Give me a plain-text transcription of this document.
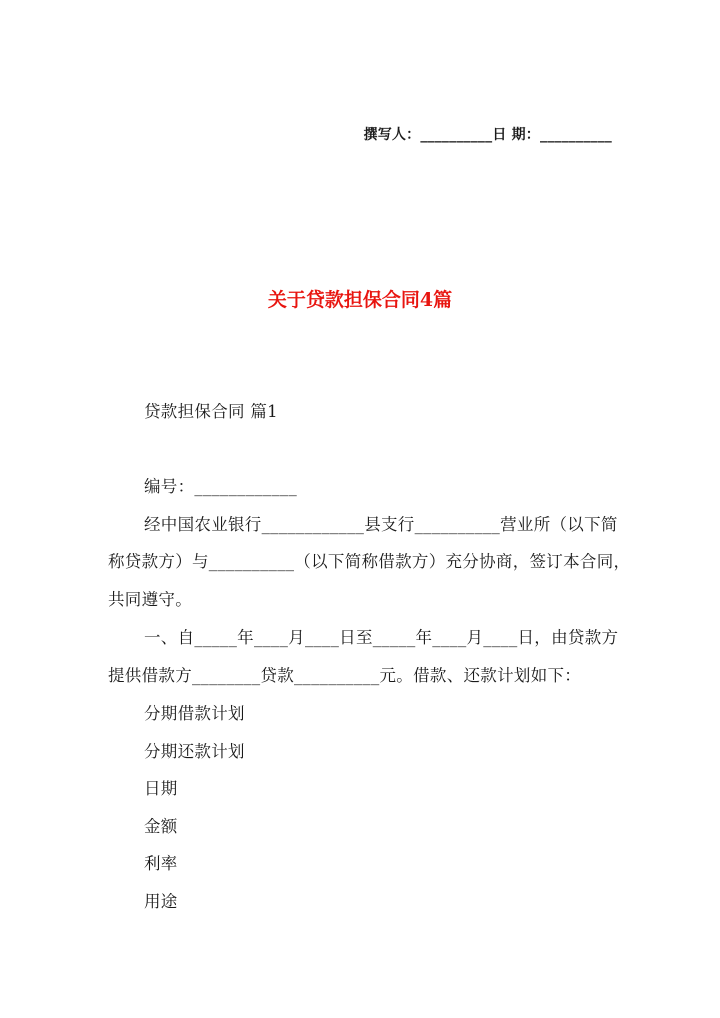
撰写人：__________日 期：__________
关于贷款担保合同4篇
贷款担保合同 篇1
编号：____________
经中国农业银行____________县支行__________营业所（以下简
称贷款方）与__________（以下简称借款方）充分协商，签订本合同，
共同遵守。
一、自_____年____月____日至_____年____月____日，由贷款方
提供借款方________贷款__________元。借款、还款计划如下：
分期借款计划
分期还款计划
日期
金额
利率
用途
